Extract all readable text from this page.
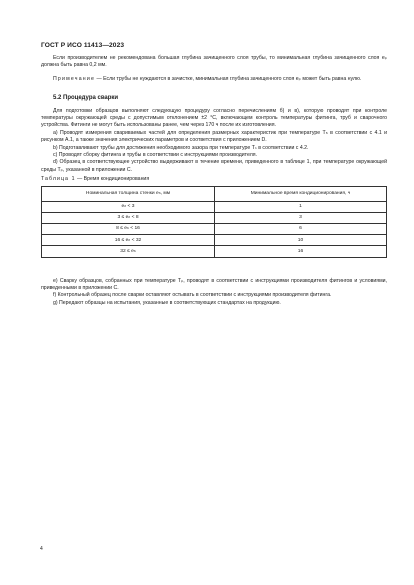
ГОСТ Р ИСО 11413—2023

Если производителем не рекомендована большая глубина зачищенного слоя трубы, то минимальная глубина зачищенного слоя eₚ должна быть равна 0,2 мм.

Примечание — Если трубы не нуждаются в зачистке, минимальная глубина зачищенного слоя eₚ может быть равна нулю.

5.2 Процедура сварки

Для подготовки образцов выполняют следующую процедуру согласно перечислениям б) и в), которую проводят при контроле температуры окружающей среды с допустимым отклонением ±2 °С, включающем контроль температуры фитинга, труб и сварочного устройства. Фитинги не могут быть использованы ранее, чем через 170 ч после их изготовления.

а) Проводят измерения свариваемых частей для определения размерных характеристик при температуре Tₕ в соответствии с 4.1 и рисунком А.1, а также значения электрических параметров и соответствия с приложением D.

b) Подготавливают трубы для достижения необходимого зазора при температуре Tₛ в соответствии с 4.2.

c) Проводят сборку фитинга и трубы в соответствии с инструкциями производителя.

d) Образец в соответствующее устройство выдерживают в течение времени, приведенного в таблице 1, при температуре окружающей среды Tₚ, указанной в приложении С.

Таблица 1 — Время кондиционирования

Номинальная толщина стенки eₙ, мм	Минимальное время кондиционирования, ч
eₙ < 3	1
3 ≤ eₙ < 8	3
8 ≤ eₙ < 16	6
16 ≤ eₙ < 32	10
32 ≤ eₙ	16

e) Сварку образцов, собранных при температуре Tₚ, проводят в соответствии с инструкциями производителя фитингов и условиями, приведенными в приложении С.

f) Контрольный образец после сварки оставляют остывать в соответствии с инструкциями производителя фитинга.

g) Передают образцы на испытания, указанные в соответствующих стандартах на продукцию.

4
